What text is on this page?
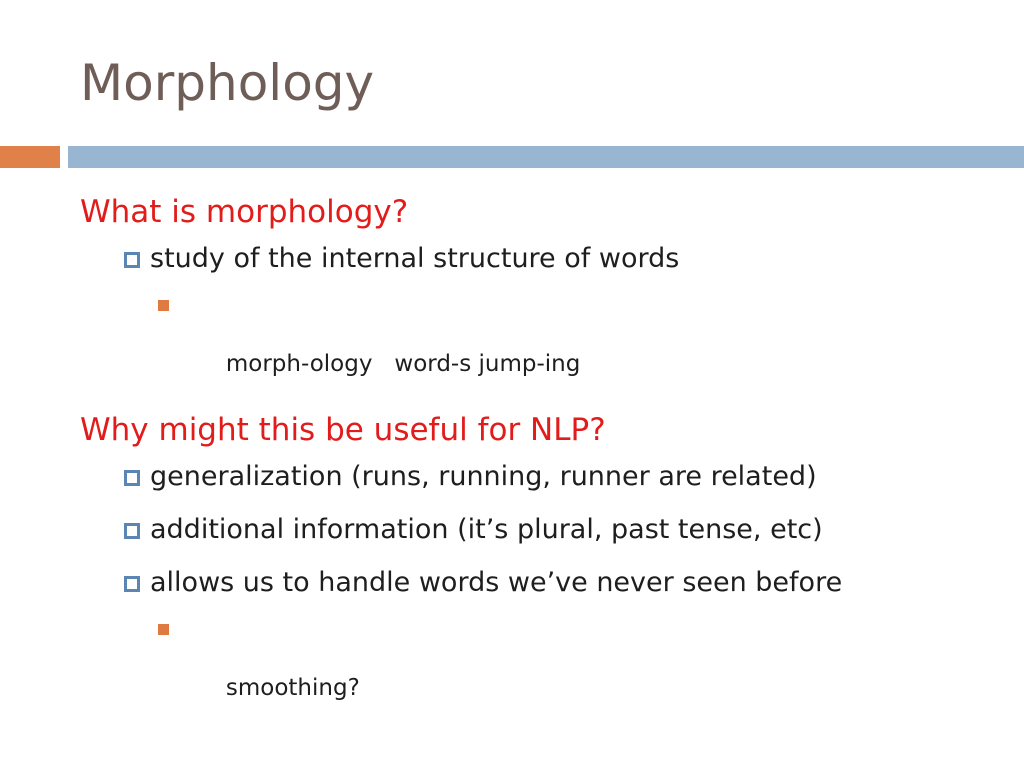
Morphology
What is morphology?
study of the internal structure of words

morph-ology   word-s jump-ing

Why might this be useful for NLP?
generalization (runs, running, runner are related)
additional information (it’s plural, past tense, etc)
allows us to handle words we’ve never seen before

smoothing?
